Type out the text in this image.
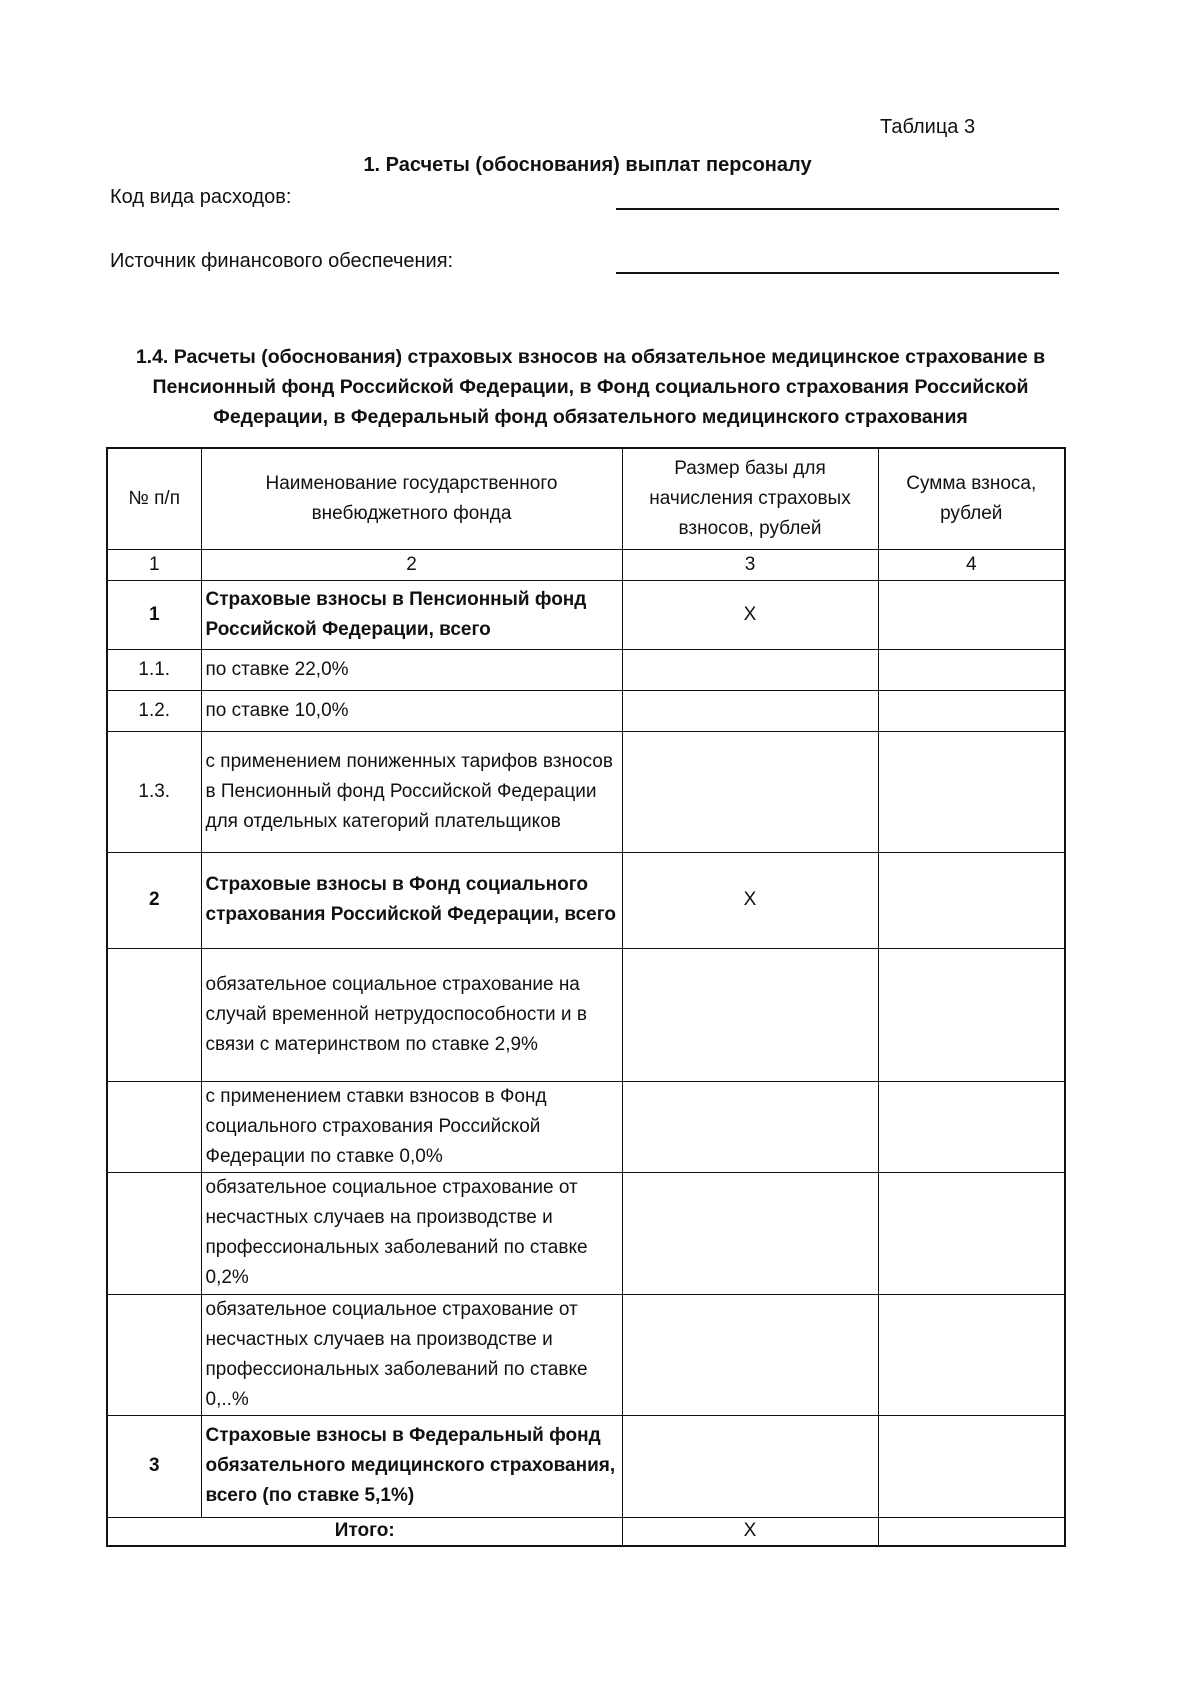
Таблица 3
1. Расчеты (обоснования) выплат персоналу
Код вида расходов:
Источник финансового обеспечения:
1.4. Расчеты (обоснования) страховых взносов на обязательное медицинское страхование в
Пенсионный фонд Российской Федерации, в Фонд социального страхования Российской
Федерации, в Федеральный фонд обязательного медицинского страхования
№ п/п	Наименование государственного внебюджетного фонда	Размер базы для начисления страховых взносов, рублей	Сумма взноса, рублей
1	2	3	4
1	Страховые взносы в Пенсионный фонд Российской Федерации, всего	X	
1.1.	по ставке 22,0%		
1.2.	по ставке 10,0%		
1.3.	с применением пониженных тарифов взносов в Пенсионный фонд Российской Федерации для отдельных категорий плательщиков		
2	Страховые взносы в Фонд социального страхования Российской Федерации, всего	X	
	обязательное социальное страхование на случай временной нетрудоспособности и в связи с материнством по ставке 2,9%		
	с применением ставки взносов в Фонд социального страхования Российской Федерации по ставке 0,0%		
	обязательное социальное страхование от несчастных случаев на производстве и профессиональных заболеваний по ставке 0,2%		
	обязательное социальное страхование от несчастных случаев на производстве и профессиональных заболеваний по ставке 0,..%		
3	Страховые взносы в Федеральный фонд обязательного медицинского страхования, всего (по ставке 5,1%)		
Итого:		X	
